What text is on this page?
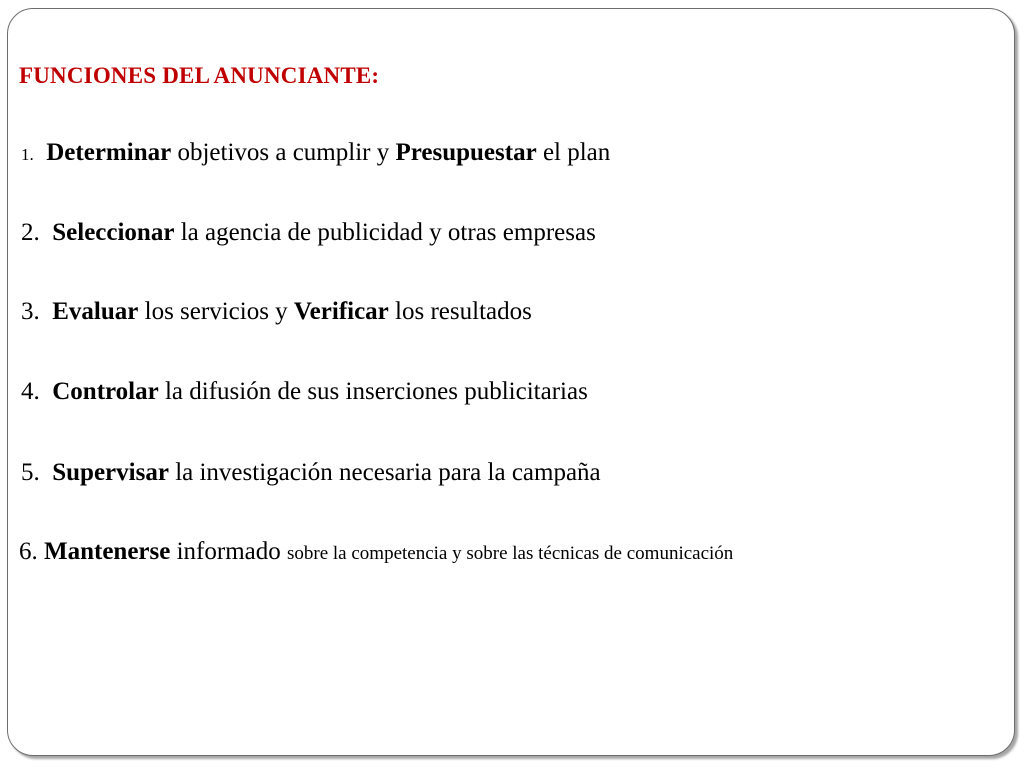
FUNCIONES DEL ANUNCIANTE:

1. Determinar objetivos a cumplir y Presupuestar el plan

2. Seleccionar la agencia de publicidad y otras empresas

3. Evaluar los servicios y Verificar los resultados

4. Controlar la difusión de sus inserciones publicitarias

5. Supervisar la investigación necesaria para la campaña

6. Mantenerse informado sobre la competencia y sobre las técnicas de comunicación
